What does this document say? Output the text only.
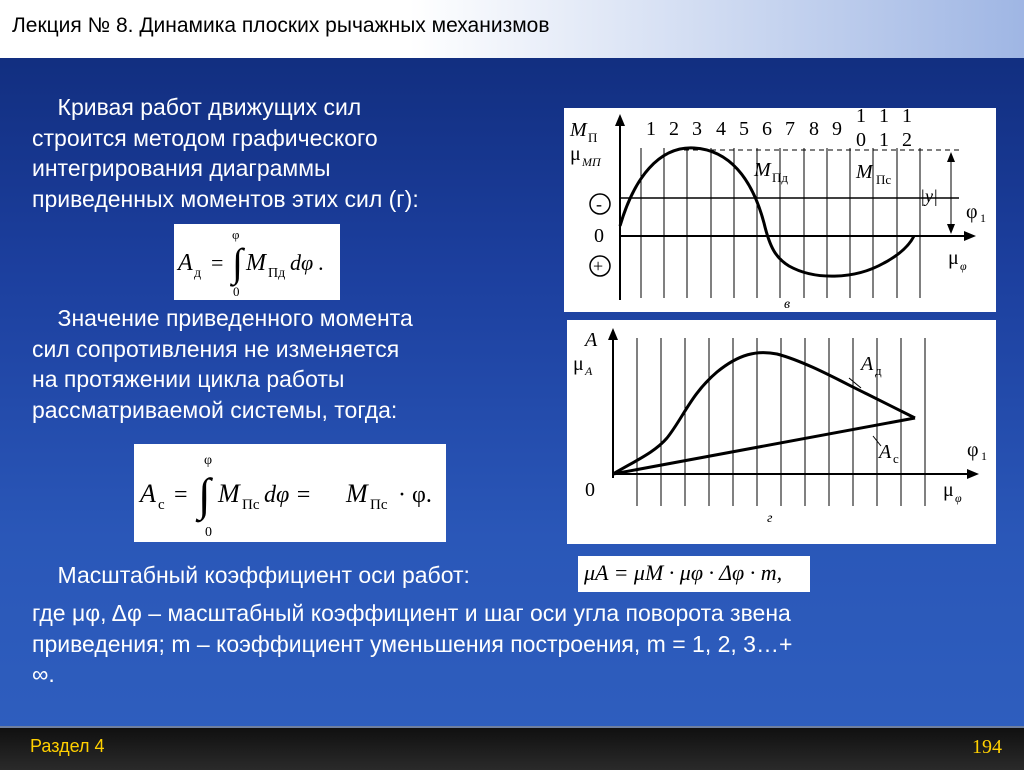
Лекция № 8. Динамика плоских рычажных механизмов
Кривая работ движущих сил
строится методом графического
интегрирования диаграммы
приведенных моментов этих сил (г):
A д = ∫
φ
0
M Пд dφ .
Значение приведенного момента
сил сопротивления не изменяется
на протяжении цикла работы
рассматриваемой системы, тогда:
A с = ∫
φ
0
M Пс dφ = M Пс · φ.
Масштабный коэффициент оси работ:	μA = μM · μφ · Δφ · m,
где μφ, Δφ – масштабный коэффициент и шаг оси угла поворота звена
приведения; m – коэффициент уменьшения построения, m = 1, 2, 3…+
∞.
1 2 3 4 5 6 7 8 9
1 1 1
0 1 2
M П
μ MП	M Пд	M Пс
|y|
-
+
0
φ 1
μ φ
в
A
μ A	A д
A с
0
φ 1
μ φ
г
Раздел 4	194
